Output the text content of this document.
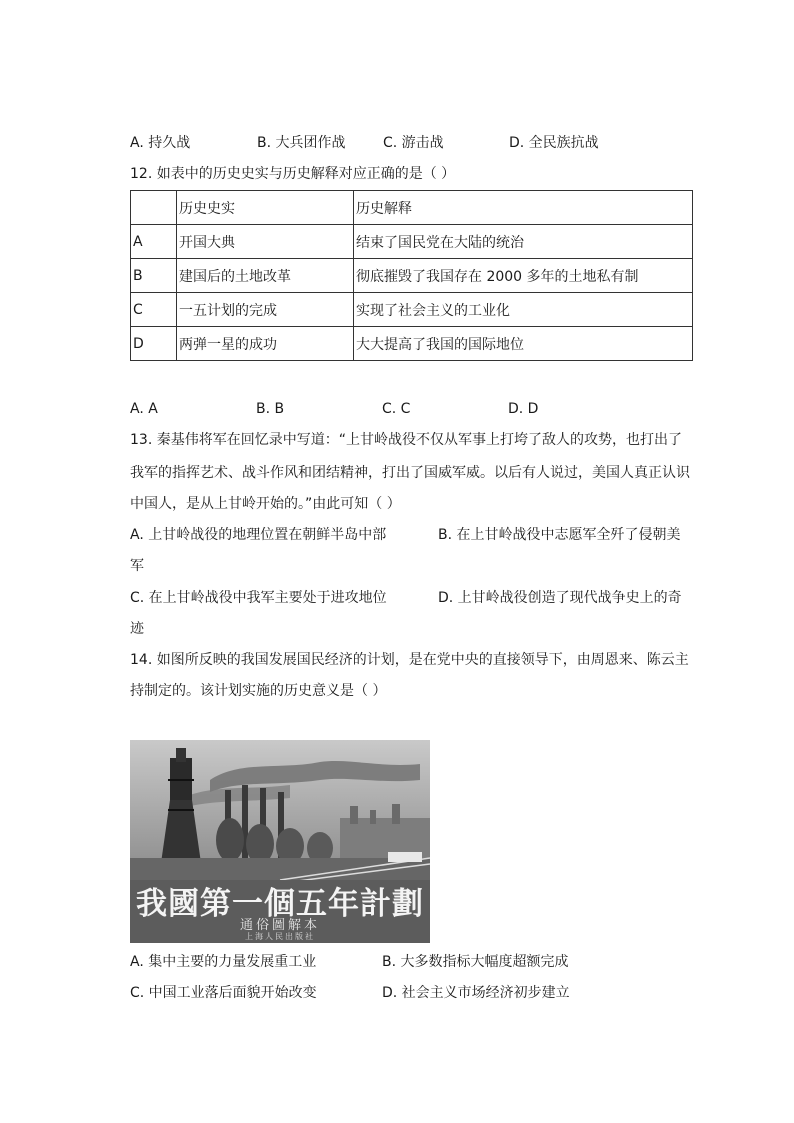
A. 持久战	B. 大兵团作战	C. 游击战	D. 全民族抗战
12. 如表中的历史史实与历史解释对应正确的是（ ）
	历史史实	历史解释
A	开国大典	结束了国民党在大陆的统治
B	建国后的土地改革	彻底摧毁了我国存在 2000 多年的土地私有制
C	一五计划的完成	实现了社会主义的工业化
D	两弹一星的成功	大大提高了我国的国际地位
A. A	B. B	C. C	D. D
13. 秦基伟将军在回忆录中写道：“上甘岭战役不仅从军事上打垮了敌人的攻势，也打出了
我军的指挥艺术、战斗作风和团结精神，打出了国威军威。以后有人说过，美国人真正认识
中国人，是从上甘岭开始的。”由此可知（ ）
A. 上甘岭战役的地理位置在朝鲜半岛中部	B. 在上甘岭战役中志愿军全歼了侵朝美
军
C. 在上甘岭战役中我军主要处于进攻地位	D. 上甘岭战役创造了现代战争史上的奇
迹
14. 如图所反映的我国发展国民经济的计划，是在党中央的直接领导下，由周恩来、陈云主
持制定的。该计划实施的历史意义是（ ）
我國第一個五年計劃
通俗圖解本
上海人民出版社
A. 集中主要的力量发展重工业	B. 大多数指标大幅度超额完成
C. 中国工业落后面貌开始改变	D. 社会主义市场经济初步建立
